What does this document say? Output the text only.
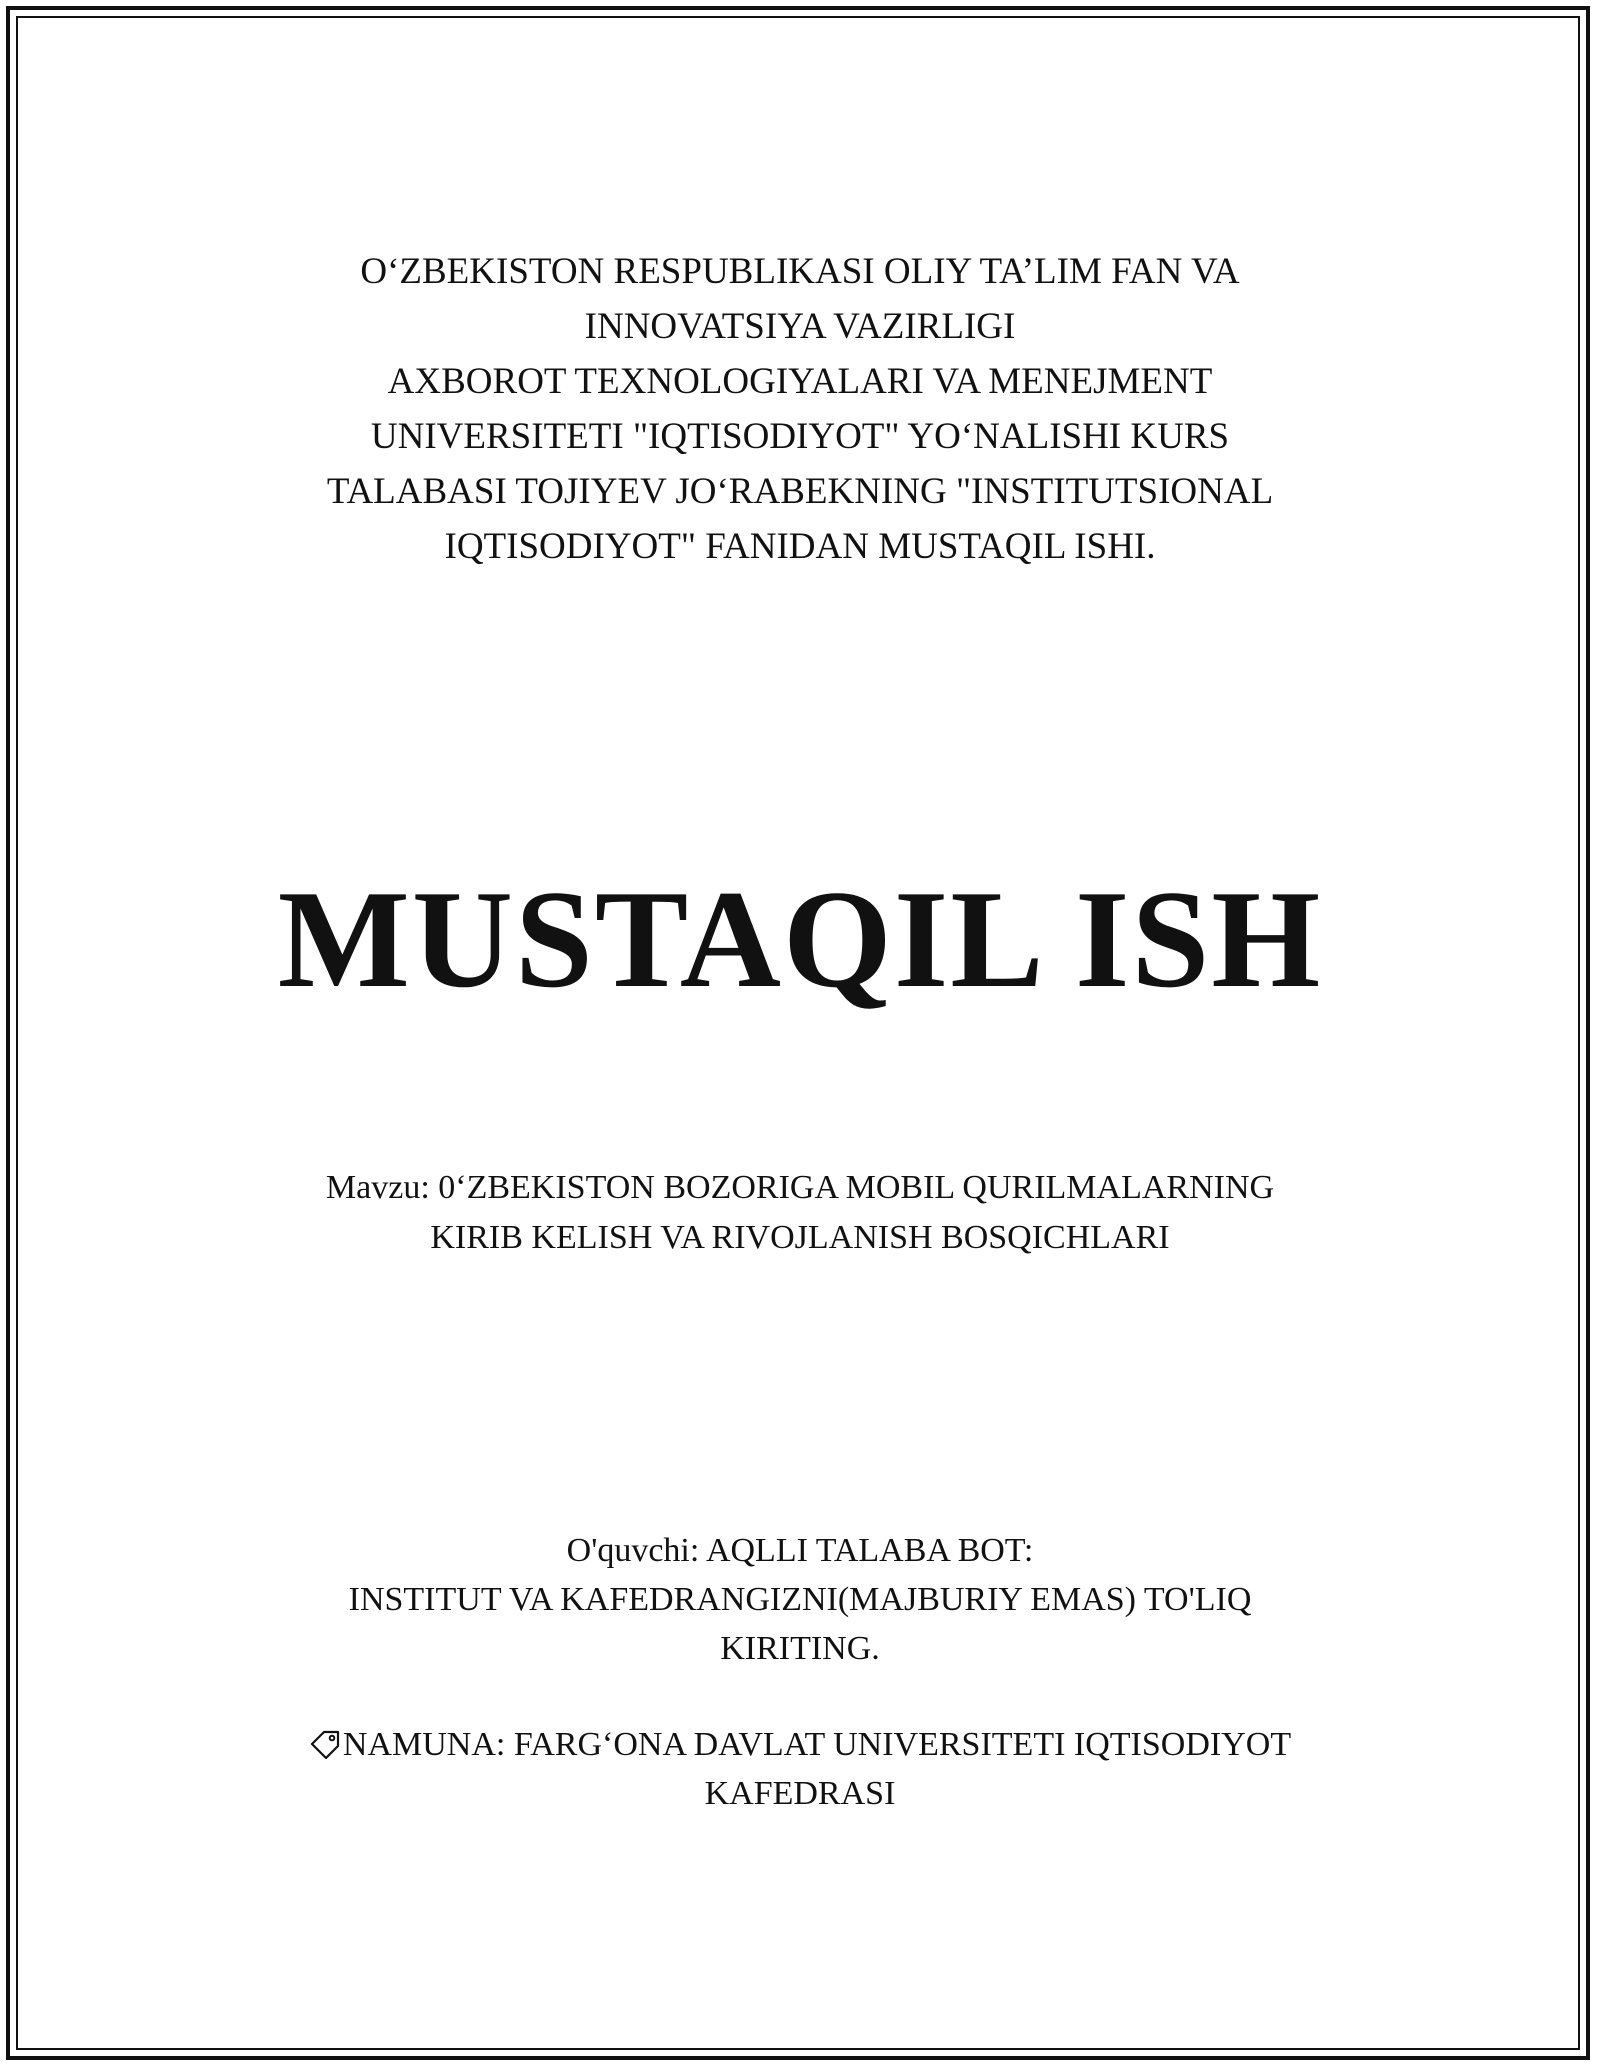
O‘ZBEKISTON RESPUBLIKASI OLIY TA’LIM FAN VA

INNOVATSIYA VAZIRLIGI

AXBOROT TEXNOLOGIYALARI VA MENEJMENT

UNIVERSITETI "IQTISODIYOT" YO‘NALISHI KURS

TALABASI TOJIYEV JO‘RABEKNING "INSTITUTSIONAL

IQTISODIYOT" FANIDAN MUSTAQIL ISHI.

MUSTAQIL ISH

Mavzu: 0‘ZBEKISTON BOZORIGA MOBIL QURILMALARNING

KIRIB KELISH VA RIVOJLANISH BOSQICHLARI

O'quvchi: AQLLI TALABA BOT:

INSTITUT VA KAFEDRANGIZNI(MAJBURIY EMAS) TO'LIQ

KIRITING.

NAMUNA: FARG‘ONA DAVLAT UNIVERSITETI IQTISODIYOT

KAFEDRASI
